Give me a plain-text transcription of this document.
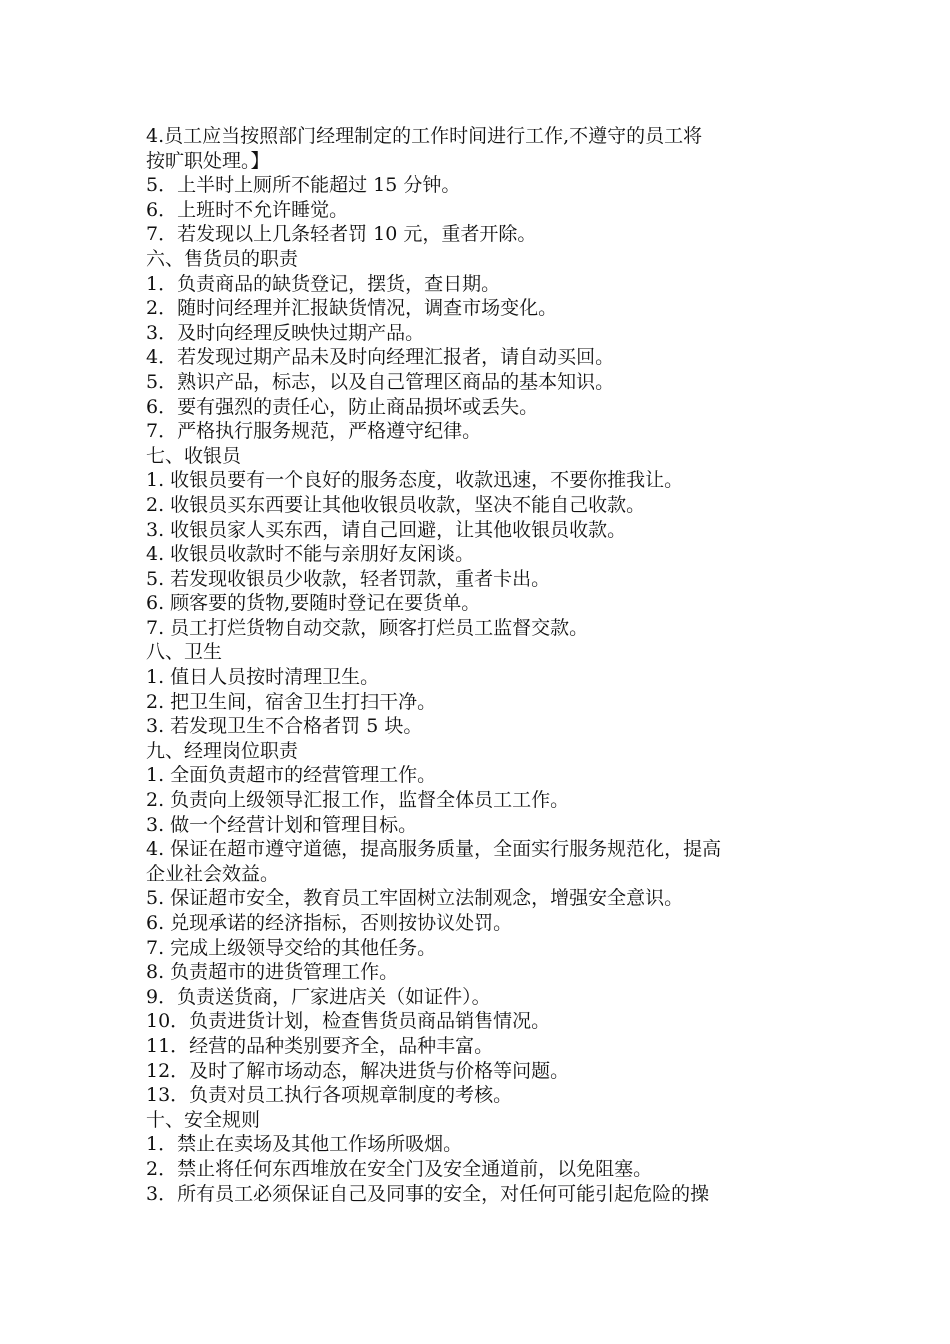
4.员工应当按照部门经理制定的工作时间进行工作,不遵守的员工将
按旷职处理。】
5．上半时上厕所不能超过 15 分钟。
6．上班时不允许睡觉。
7．若发现以上几条轻者罚 10 元，重者开除。
六、售货员的职责
1．负责商品的缺货登记，摆货，查日期。
2．随时问经理并汇报缺货情况，调查市场变化。
3．及时向经理反映快过期产品。
4．若发现过期产品未及时向经理汇报者，请自动买回。
5．熟识产品，标志，以及自己管理区商品的基本知识。
6．要有强烈的责任心，防止商品损坏或丢失。
7．严格执行服务规范，严格遵守纪律。
七、收银员
1. 收银员要有一个良好的服务态度，收款迅速，不要你推我让。
2. 收银员买东西要让其他收银员收款，坚决不能自己收款。
3. 收银员家人买东西，请自己回避，让其他收银员收款。
4. 收银员收款时不能与亲朋好友闲谈。
5. 若发现收银员少收款，轻者罚款，重者卡出。
6. 顾客要的货物,要随时登记在要货单。
7. 员工打烂货物自动交款，顾客打烂员工监督交款。
八、卫生
1. 值日人员按时清理卫生。
2. 把卫生间，宿舍卫生打扫干净。
3. 若发现卫生不合格者罚 5 块。
九、经理岗位职责
1. 全面负责超市的经营管理工作。
2. 负责向上级领导汇报工作，监督全体员工工作。
3. 做一个经营计划和管理目标。
4. 保证在超市遵守道德，提高服务质量，全面实行服务规范化，提高
企业社会效益。
5. 保证超市安全，教育员工牢固树立法制观念，增强安全意识。
6. 兑现承诺的经济指标，否则按协议处罚。
7. 完成上级领导交给的其他任务。
8. 负责超市的进货管理工作。
9．负责送货商，厂家进店关（如证件）。
10．负责进货计划，检查售货员商品销售情况。
11．经营的品种类别要齐全，品种丰富。
12．及时了解市场动态，解决进货与价格等问题。
13．负责对员工执行各项规章制度的考核。
十、安全规则
1．禁止在卖场及其他工作场所吸烟。
2．禁止将任何东西堆放在安全门及安全通道前，以免阻塞。
3．所有员工必须保证自己及同事的安全，对任何可能引起危险的操
